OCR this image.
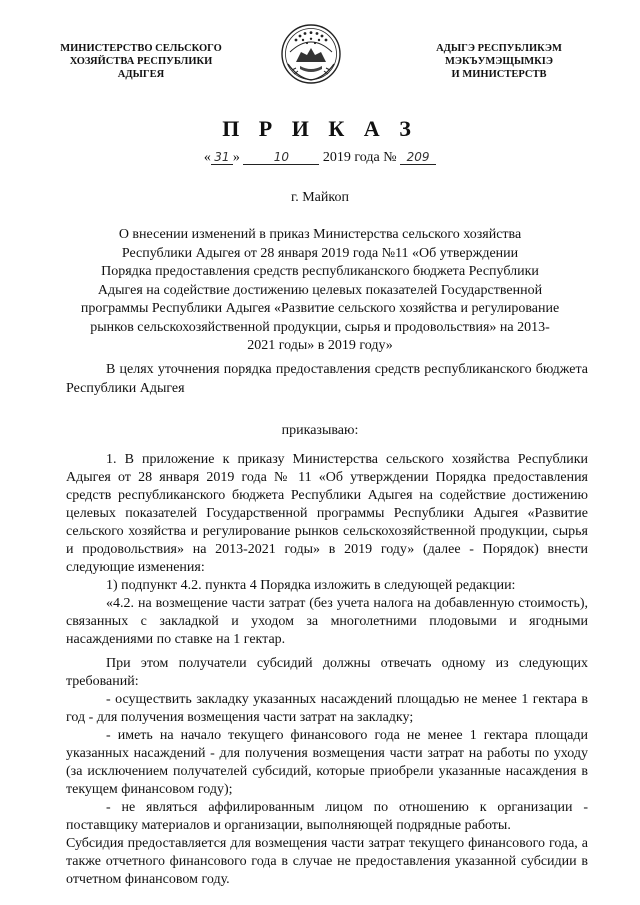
МИНИСТЕРСТВО СЕЛЬСКОГО
ХОЗЯЙСТВА РЕСПУБЛИКИ
АДЫГЕЯ
АДЫГЭ РЕСПУБЛИКЭМ
МЭКЪУМЭЩЫМКIЭ
И МИНИСТЕРСТВ
П Р И К А З
« 31 »	10 2019 года № 209
г. Майкоп
О внесении изменений в приказ Министерства сельского хозяйства
Республики Адыгея от 28 января 2019 года №11 «Об утверждении
Порядка предоставления средств республиканского бюджета Республики
Адыгея на содействие достижению целевых показателей Государственной
программы Республики Адыгея «Развитие сельского хозяйства и регулирование
рынков сельскохозяйственной продукции, сырья и продовольствия» на 2013-
2021 годы» в 2019 году»
В целях уточнения порядка предоставления средств республиканского бюджета Республики Адыгея
приказываю:

1. В приложение к приказу Министерства сельского хозяйства Республики Адыгея от 28 января 2019 года № 11 «Об утверждении Порядка предоставления средств республиканского бюджета Республики Адыгея на содействие достижению целевых показателей Государственной программы Республики Адыгея «Развитие сельского хозяйства и регулирование рынков сельскохозяйственной продукции, сырья и продовольствия» на 2013-2021 годы» в 2019 году» (далее - Порядок) внести следующие изменения:

1) подпункт 4.2. пункта 4 Порядка изложить в следующей редакции:

«4.2. на возмещение части затрат (без учета налога на добавленную стоимость), связанных с закладкой и уходом за многолетними плодовыми и ягодными насаждениями по ставке на 1 гектар.

При этом получатели субсидий должны отвечать одному из следующих требований:

- осуществить закладку указанных насаждений площадью не менее 1 гектара в год - для получения возмещения части затрат на закладку;

- иметь на начало текущего финансового года не менее 1 гектара площади указанных насаждений - для получения возмещения части затрат на работы по уходу (за исключением получателей субсидий, которые приобрели указанные насаждения в текущем финансовом году);

- не являться аффилированным лицом по отношению к организации - поставщику материалов и организации, выполняющей подрядные работы.

Субсидия предоставляется для возмещения части затрат текущего финансового года, а также отчетного финансового года в случае не предоставления указанной субсидии в отчетном финансовом году.
